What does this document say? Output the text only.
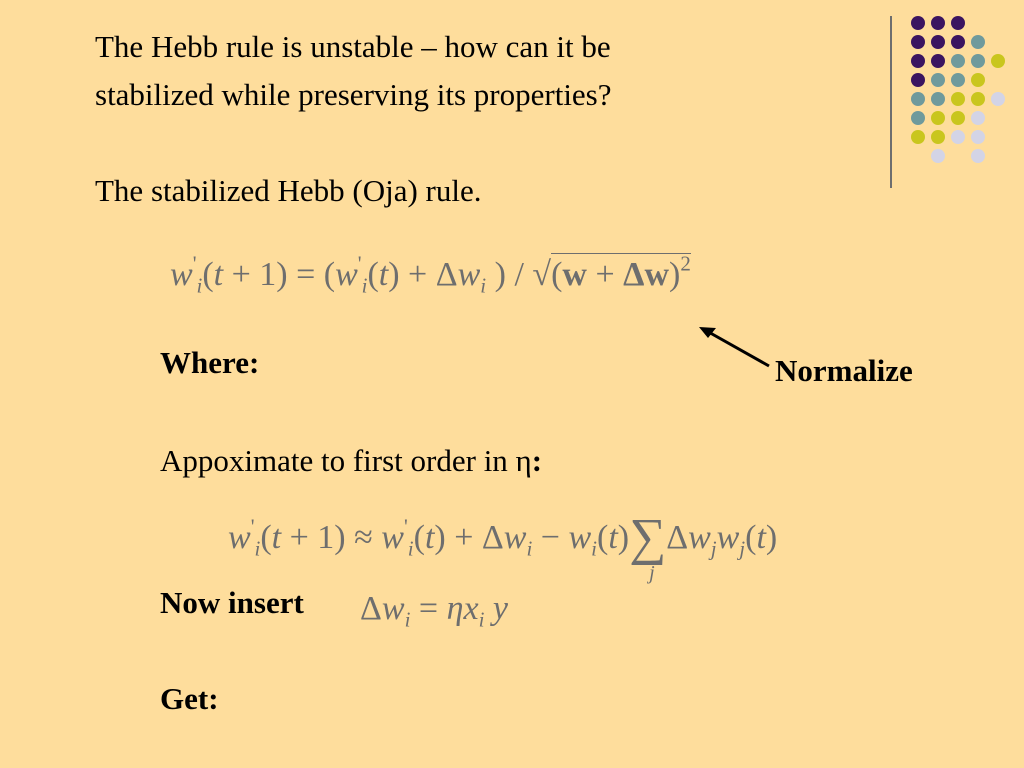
The Hebb rule is unstable – how can it be
stabilized while preserving its properties?
The stabilized Hebb (Oja) rule.
$w'_i(t + 1) = (w'_i(t) + \Delta w_i$ ) / $√(w + \Delta w)^2$
Normalize
Where:
Appoximate to first order in η:
$w'_i(t + 1) \approx w'_i(t) + \Delta w_i - w_i(t)\sum$
j
$\Delta w_jw_j(t)$
Now insert $\Delta w_i = \eta x_i$ y
Get:
